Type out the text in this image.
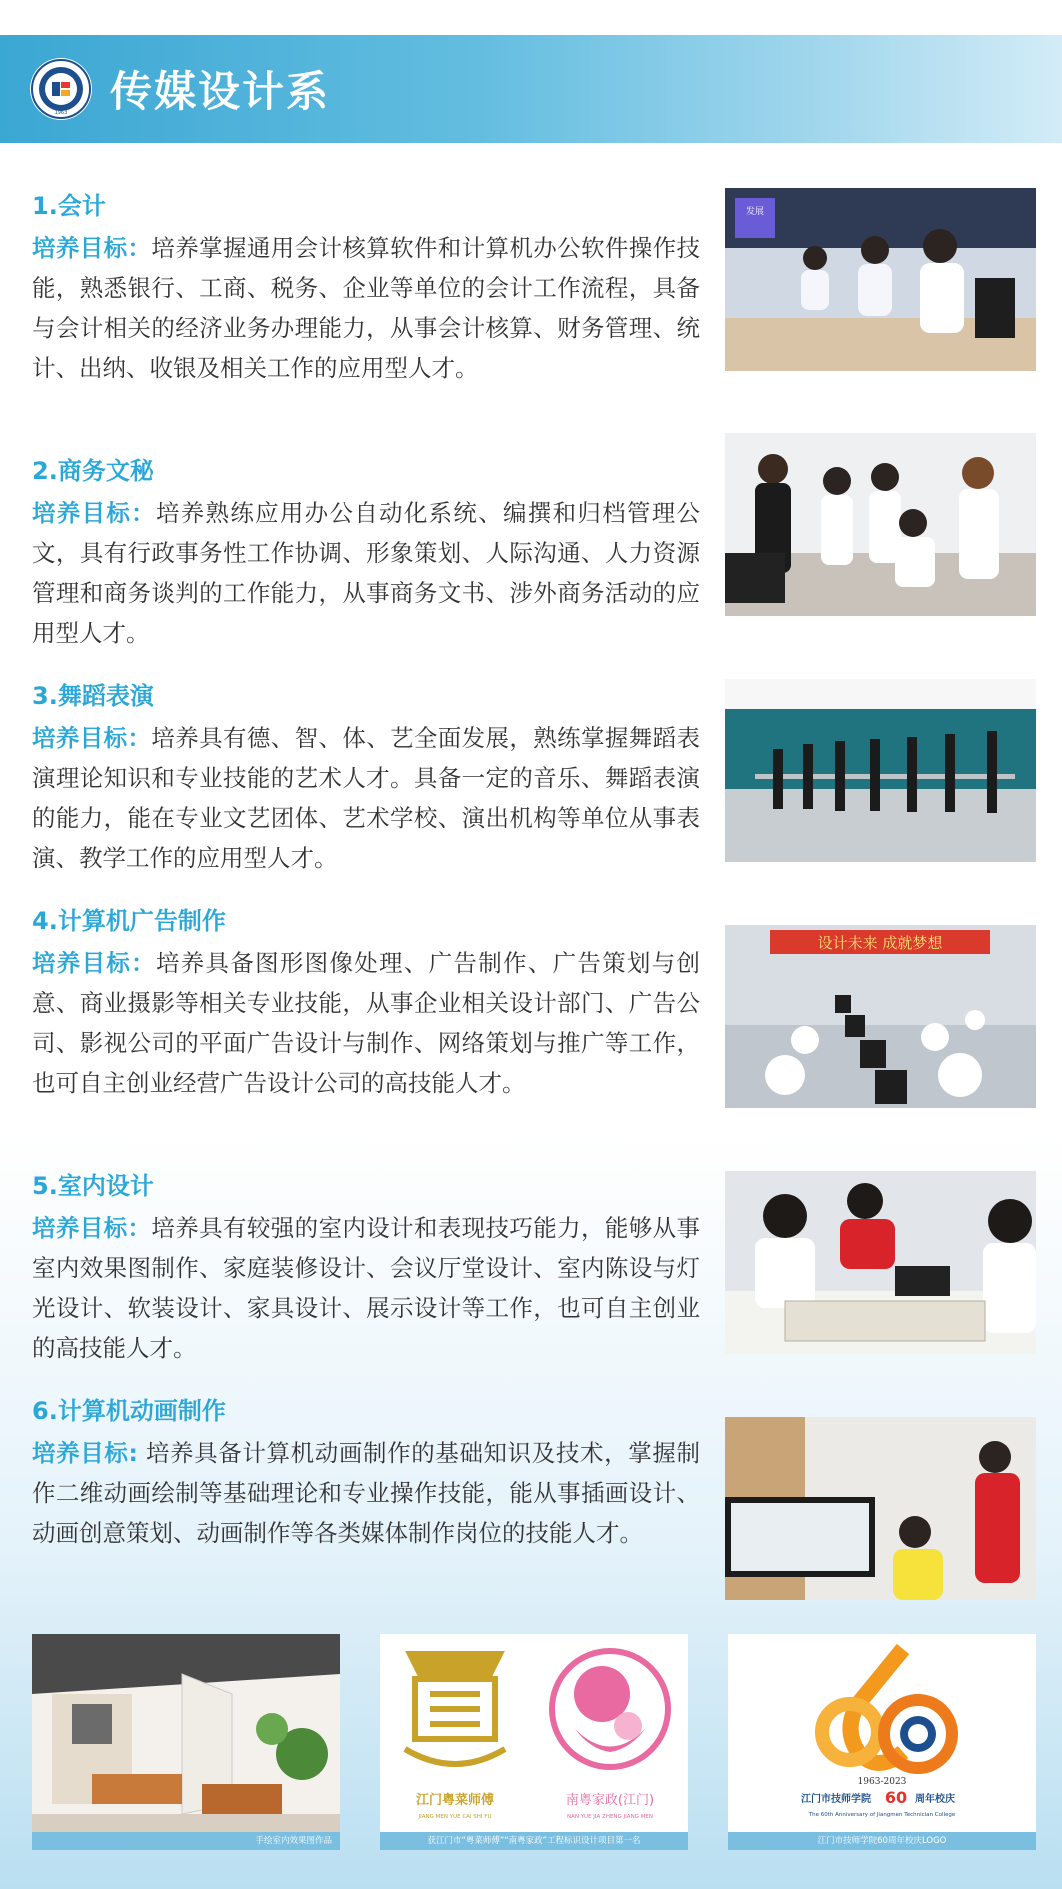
1963 传媒设计系

1.会计

培养目标：培养掌握通用会计核算软件和计算机办公软件操作技能，熟悉银行、工商、税务、企业等单位的会计工作流程，具备与会计相关的经济业务办理能力，从事会计核算、财务管理、统计、出纳、收银及相关工作的应用型人才。

2.商务文秘

培养目标：培养熟练应用办公自动化系统、编撰和归档管理公文，具有行政事务性工作协调、形象策划、人际沟通、人力资源管理和商务谈判的工作能力，从事商务文书、涉外商务活动的应用型人才。

3.舞蹈表演

培养目标：培养具有德、智、体、艺全面发展，熟练掌握舞蹈表演理论知识和专业技能的艺术人才。具备一定的音乐、舞蹈表演的能力，能在专业文艺团体、艺术学校、演出机构等单位从事表演、教学工作的应用型人才。

4.计算机广告制作

培养目标：培养具备图形图像处理、广告制作、广告策划与创意、商业摄影等相关专业技能，从事企业相关设计部门、广告公司、影视公司的平面广告设计与制作、网络策划与推广等工作，也可自主创业经营广告设计公司的高技能人才。

5.室内设计

培养目标：培养具有较强的室内设计和表现技巧能力，能够从事室内效果图制作、家庭装修设计、会议厅堂设计、室内陈设与灯光设计、软装设计、家具设计、展示设计等工作，也可自主创业的高技能人才。

6.计算机动画制作

培养目标: 培养具备计算机动画制作的基础知识及技术，掌握制作二维动画绘制等基础理论和专业操作技能，能从事插画设计、动画创意策划、动画制作等各类媒体制作岗位的技能人才。

发展
设计未来 成就梦想
手绘室内效果图作品
江门粤菜师傅
JIANG MEN YUE CAI SHI FU
南粤家政(江门)
NAN YUE JIA ZHENG JIANG MEN
获江门市“粤菜师傅”“南粤家政”工程标识设计项目第一名
1963-2023
江门市技师学院 60 周年校庆
The 60th Anniversary of Jiangmen Technician College
江门市技师学院60周年校庆LOGO
